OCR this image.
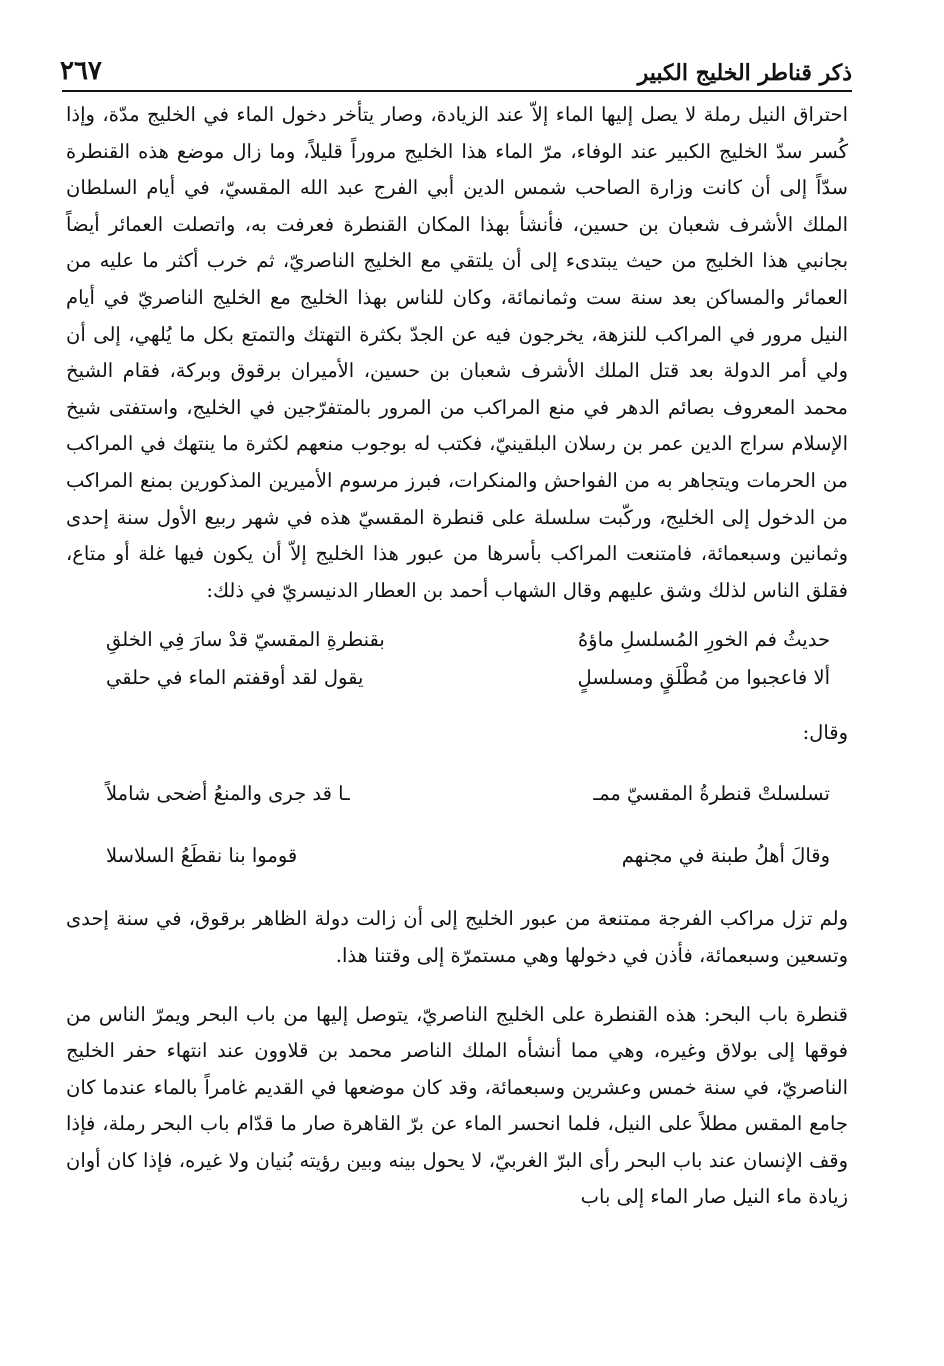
ذكر قناطر الخليج الكبير
٢٦٧

احتراق النيل رملة لا يصل إليها الماء إلاّ عند الزيادة، وصار يتأخر دخول الماء في الخليج مدّة، وإذا كُسر سدّ الخليج الكبير عند الوفاء، مرّ الماء هذا الخليج مروراً قليلاً، وما زال موضع هذه القنطرة سدّاً إلى أن كانت وزارة الصاحب شمس الدين أبي الفرج عبد الله المقسيّ، في أيام السلطان الملك الأشرف شعبان بن حسين، فأنشأ بهذا المكان القنطرة فعرفت به، واتصلت العمائر أيضاً بجانبي هذا الخليج من حيث يبتدىء إلى أن يلتقي مع الخليج الناصريّ، ثم خرب أكثر ما عليه من العمائر والمساكن بعد سنة ست وثمانمائة، وكان للناس بهذا الخليج مع الخليج الناصريّ في أيام النيل مرور في المراكب للنزهة، يخرجون فيه عن الجدّ بكثرة التهتك والتمتع بكل ما يُلهي، إلى أن ولي أمر الدولة بعد قتل الملك الأشرف شعبان بن حسين، الأميران برقوق وبركة، فقام الشيخ محمد المعروف بصائم الدهر في منع المراكب من المرور بالمتفرّجين في الخليج، واستفتى شيخ الإسلام سراج الدين عمر بن رسلان البلقينيّ، فكتب له بوجوب منعهم لكثرة ما ينتهك في المراكب من الحرمات ويتجاهر به من الفواحش والمنكرات، فبرز مرسوم الأميرين المذكورين بمنع المراكب من الدخول إلى الخليج، وركّبت سلسلة على قنطرة المقسيّ هذه في شهر ربيع الأول سنة إحدى وثمانين وسبعمائة، فامتنعت المراكب بأسرها من عبور هذا الخليج إلاّ أن يكون فيها غلة أو متاع، فقلق الناس لذلك وشق عليهم وقال الشهاب أحمد بن العطار الدنيسريّ في ذلك:

حديثُ فم الخورِ المُسلسلِ ماؤهُ
بقنطرةِ المقسيّ قدْ سارَ فِي الخلقِ
ألا فاعجبوا من مُطْلَقٍ ومسلسلٍ
يقول لقد أوقفتم الماء في حلقي
وقال:
تسلسلتْ قنطرةُ المقسيّ ممـ
ـا قد جرى والمنعُ أضحى شاملاً
وقالَ أهلُ طبنة في مجنهم
قوموا بنا نقطَعُ السلاسلا

ولم تزل مراكب الفرجة ممتنعة من عبور الخليج إلى أن زالت دولة الظاهر برقوق، في سنة إحدى وتسعين وسبعمائة، فأذن في دخولها وهي مستمرّة إلى وقتنا هذا.

قنطرة باب البحر: هذه القنطرة على الخليج الناصريّ، يتوصل إليها من باب البحر ويمرّ الناس من فوقها إلى بولاق وغيره، وهي مما أنشأه الملك الناصر محمد بن قلاوون عند انتهاء حفر الخليج الناصريّ، في سنة خمس وعشرين وسبعمائة، وقد كان موضعها في القديم غامراً بالماء عندما كان جامع المقس مطلاً على النيل، فلما انحسر الماء عن برّ القاهرة صار ما قدّام باب البحر رملة، فإذا وقف الإنسان عند باب البحر رأى البرّ الغربيّ، لا يحول بينه وبين رؤيته بُنيان ولا غيره، فإذا كان أوان زيادة ماء النيل صار الماء إلى باب
